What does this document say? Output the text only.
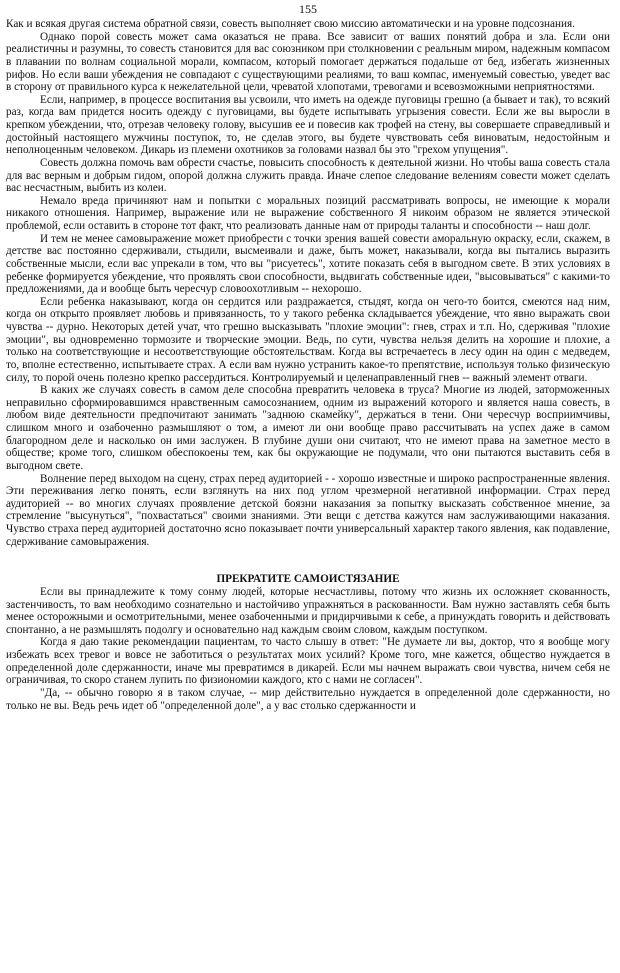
155

Как и всякая другая система обратной связи, совесть выполняет свою миссию автоматически и на уровне подсознания.

Однако порой совесть может сама оказаться не права. Все зависит от ваших понятий добра и зла. Если они реалистичны и разумны, то совесть становится для вас союзником при столкновении с реальным миром, надежным компасом в плавании по волнам социальной морали, компасом, который помогает держаться подальше от бед, избегать жизненных рифов. Но если ваши убеждения не совпадают с существующими реалиями, то ваш компас, именуемый совестью, уведет вас в сторону от правильного курса к нежелательной цели, чреватой хлопотами, тревогами и всевозможными неприятностями.

Если, например, в процессе воспитания вы усвоили, что иметь на одежде пуговицы грешно (а бывает и так), то всякий раз, когда вам придется носить одежду с пуговицами, вы будете испытывать угрызения совести. Если же вы выросли в крепком убеждении, что, отрезав человеку голову, высушив ее и повесив как трофей на стену, вы совершаете справедливый и достойный настоящего мужчины поступок, то, не сделав этого, вы будете чувствовать себя виноватым, недостойным и неполноценным человеком. Дикарь из племени охотников за головами назвал бы это "грехом упущения".

Совесть должна помочь вам обрести счастье, повысить способность к деятельной жизни. Но чтобы ваша совесть стала для вас верным и добрым гидом, опорой должна служить правда. Иначе слепое следование велениям совести может сделать вас несчастным, выбить из колеи.

Немало вреда причиняют нам и попытки с моральных позиций рассматривать вопросы, не имеющие к морали никакого отношения. Например, выражение или не выражение собственного Я никоим образом не является этической проблемой, если оставить в стороне тот факт, что реализовать данные нам от природы таланты и способности -- наш долг.

И тем не менее самовыражение может приобрести с точки зрения вашей совести аморальную окраску, если, скажем, в детстве вас постоянно сдерживали, стыдили, высмеивали и даже, быть может, наказывали, когда вы пытались выразить собственные мысли, если вас упрекали в том, что вы "рисуетесь", хотите показать себя в выгодном свете. В этих условиях в ребенке формируется убеждение, что проявлять свои способности, выдвигать собственные идеи, "высовываться" с какими-то предложениями, да и вообще быть чересчур словоохотливым -- нехорошо.

Если ребенка наказывают, когда он сердится или раздражается, стыдят, когда он чего-то боится, смеются над ним, когда он открыто проявляет любовь и привязанность, то у такого ребенка складывается убеждение, что явно выражать свои чувства -- дурно. Некоторых детей учат, что грешно высказывать "плохие эмоции": гнев, страх и т.п. Но, сдерживая "плохие эмоции", вы одновременно тормозите и творческие эмоции. Ведь, по сути, чувства нельзя делить на хорошие и плохие, а только на соответствующие и несоответствующие обстоятельствам. Когда вы встречаетесь в лесу один на один с медведем, то, вполне естественно, испытываете страх. А если вам нужно устранить какое-то препятствие, используя только физическую силу, то порой очень полезно крепко рассердиться. Контролируемый и целенаправленный гнев -- важный элемент отваги.

В каких же случаях совесть в самом деле способна превратить человека в труса? Многие из людей, заторможенных неправильно сформировавшимся нравственным самосознанием, одним из выражений которого и является наша совесть, в любом виде деятельности предпочитают занимать "заднюю скамейку", держаться в тени. Они чересчур восприимчивы, слишком много и озабоченно размышляют о том, а имеют ли они вообще право рассчитывать на успех даже в самом благородном деле и насколько он ими заслужен. В глубине души они считают, что не имеют права на заметное место в обществе; кроме того, слишком обеспокоены тем, как бы окружающие не подумали, что они пытаются выставить себя в выгодном свете.

Волнение перед выходом на сцену, страх перед аудиторией - - хорошо известные и широко распространенные явления. Эти переживания легко понять, если взглянуть на них под углом чрезмерной негативной информации. Страх перед аудиторией -- во многих случаях проявление детской боязни наказания за попытку высказать собственное мнение, за стремление "высунуться", "похвастаться" своими знаниями. Эти вещи с детства кажутся нам заслуживающими наказания. Чувство страха перед аудиторией достаточно ясно показывает почти универсальный характер такого явления, как подавление, сдерживание самовыражения.

ПРЕКРАТИТЕ САМОИСТЯЗАНИЕ

Если вы принадлежите к тому сонму людей, которые несчастливы, потому что жизнь их осложняет скованность, застенчивость, то вам необходимо сознательно и настойчиво упражняться в раскованности. Вам нужно заставлять себя быть менее осторожными и осмотрительными, менее озабоченными и придирчивыми к себе, а принуждать говорить и действовать спонтанно, а не размышлять подолгу и основательно над каждым своим словом, каждым поступком.

Когда я даю такие рекомендации пациентам, то часто слышу в ответ: "Не думаете ли вы, доктор, что я вообще могу избежать всех тревог и вовсе не заботиться о результатах моих усилий? Кроме того, мне кажется, общество нуждается в определенной доле сдержанности, иначе мы превратимся в дикарей. Если мы начнем выражать свои чувства, ничем себя не ограничивая, то скоро станем лупить по физиономии каждого, кто с нами не согласен".

"Да, -- обычно говорю я в таком случае, -- мир действительно нуждается в определенной доле сдержанности, но только не вы. Ведь речь идет об "определенной доле", а у вас столько сдержанности и
